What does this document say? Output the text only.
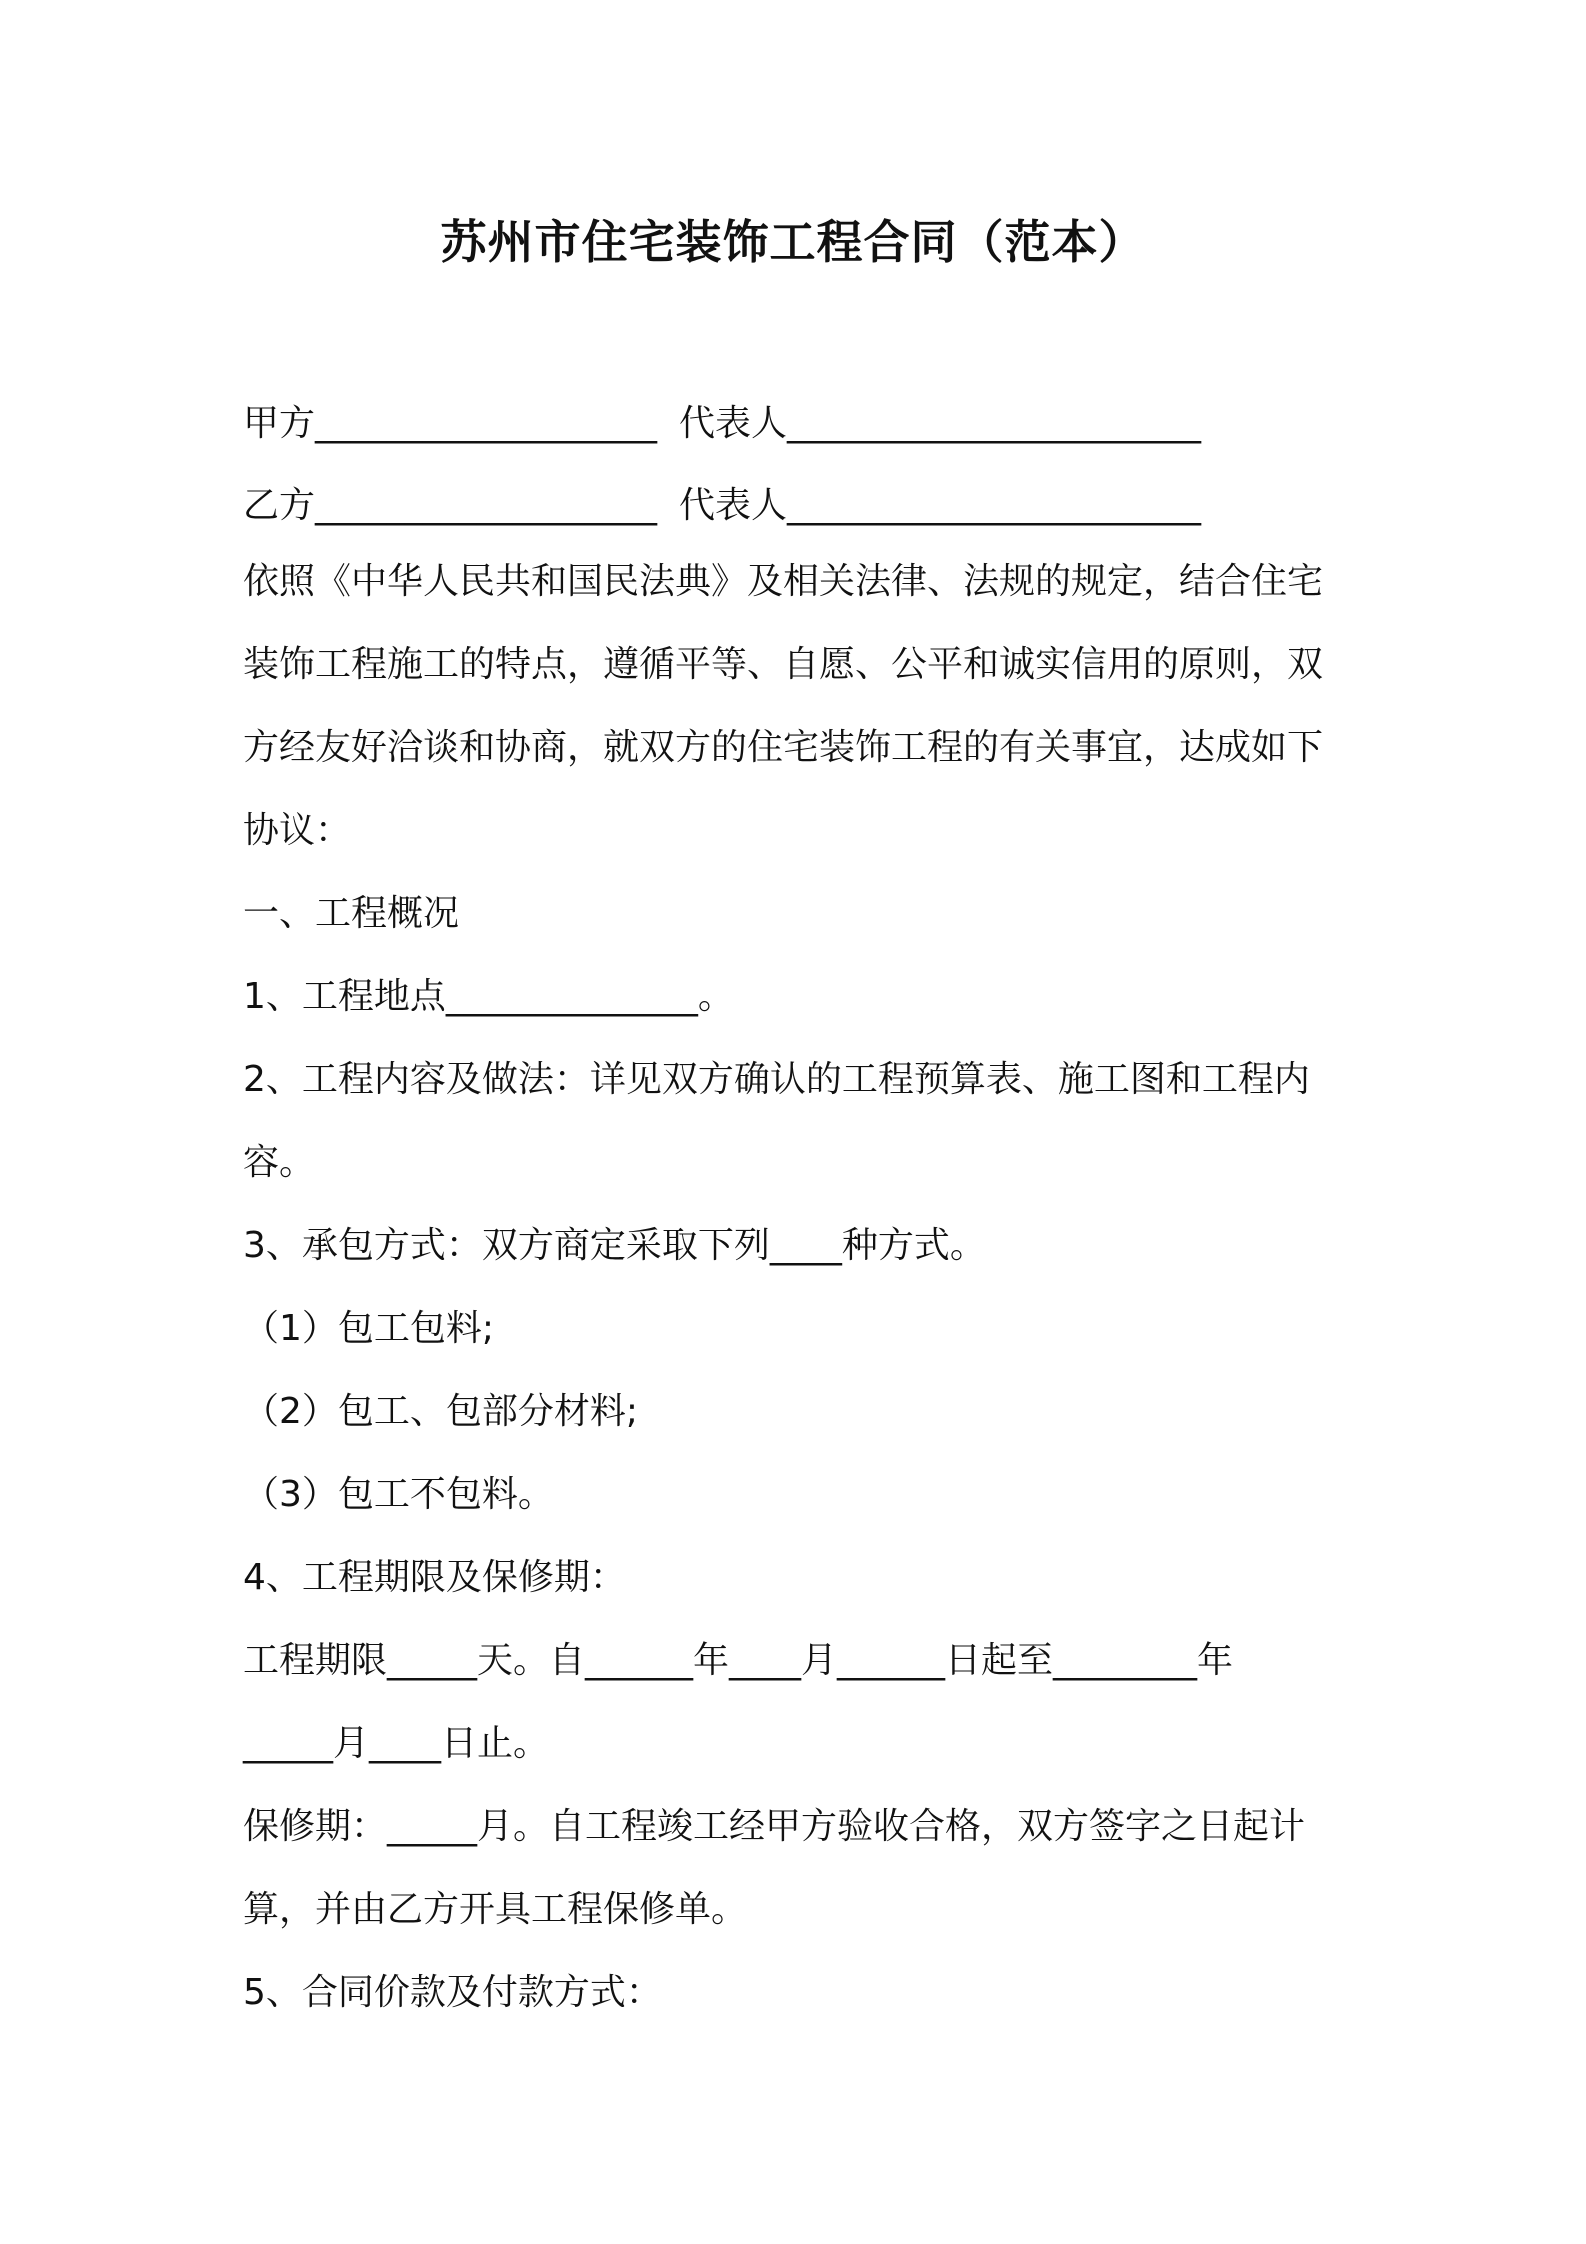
苏州市住宅装饰工程合同（范本）
甲方___________________ 代表人_______________________
乙方___________________ 代表人_______________________
依照《中华人民共和国民法典》及相关法律、法规的规定，结合住宅
装饰工程施工的特点，遵循平等、自愿、公平和诚实信用的原则，双
方经友好洽谈和协商，就双方的住宅装饰工程的有关事宜，达成如下
协议：
一、工程概况
1、工程地点______________。
2、工程内容及做法：详见双方确认的工程预算表、施工图和工程内
容。
3、承包方式：双方商定采取下列____种方式。
（1）包工包料;
（2）包工、包部分材料;
（3）包工不包料。
4、工程期限及保修期：
工程期限_____天。自______年____月______日起至________年
_____月____日止。
保修期：_____月。自工程竣工经甲方验收合格，双方签字之日起计
算，并由乙方开具工程保修单。
5、合同价款及付款方式：
